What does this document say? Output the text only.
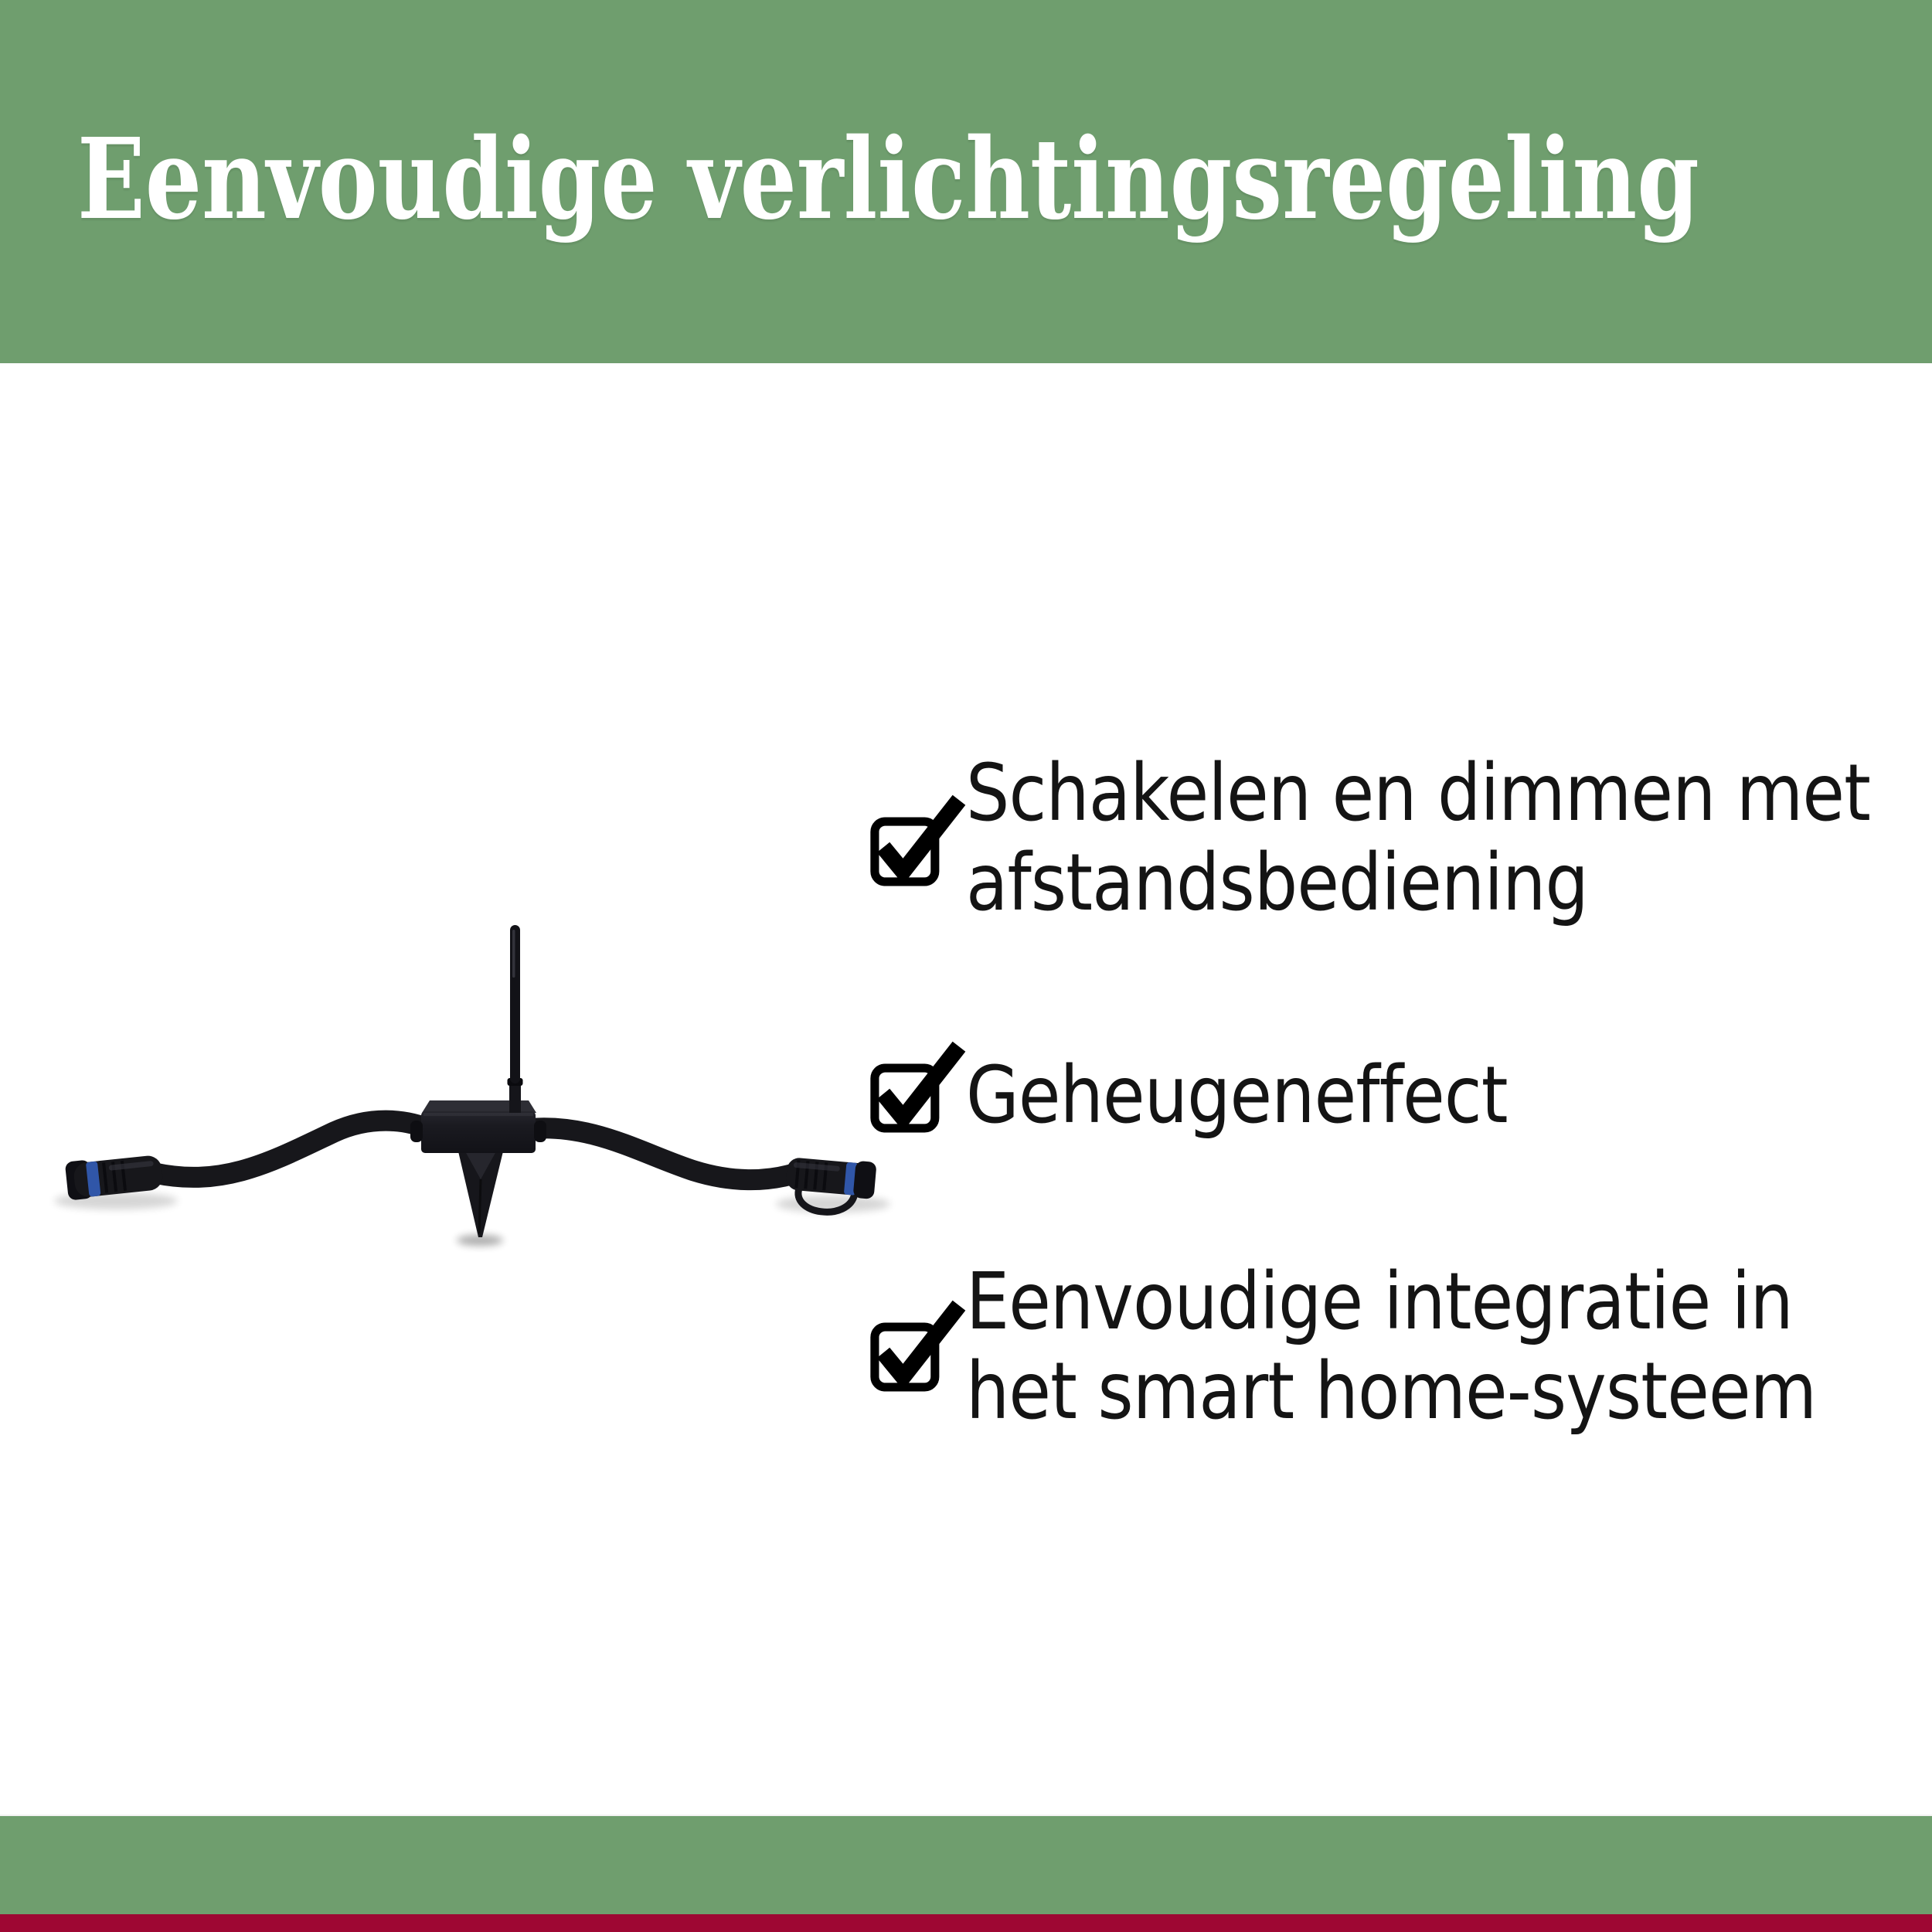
Eenvoudige verlichtingsregeling
Schakelen en dimmen met
afstandsbediening
Geheugeneffect
Eenvoudige integratie in
het smart home-systeem
